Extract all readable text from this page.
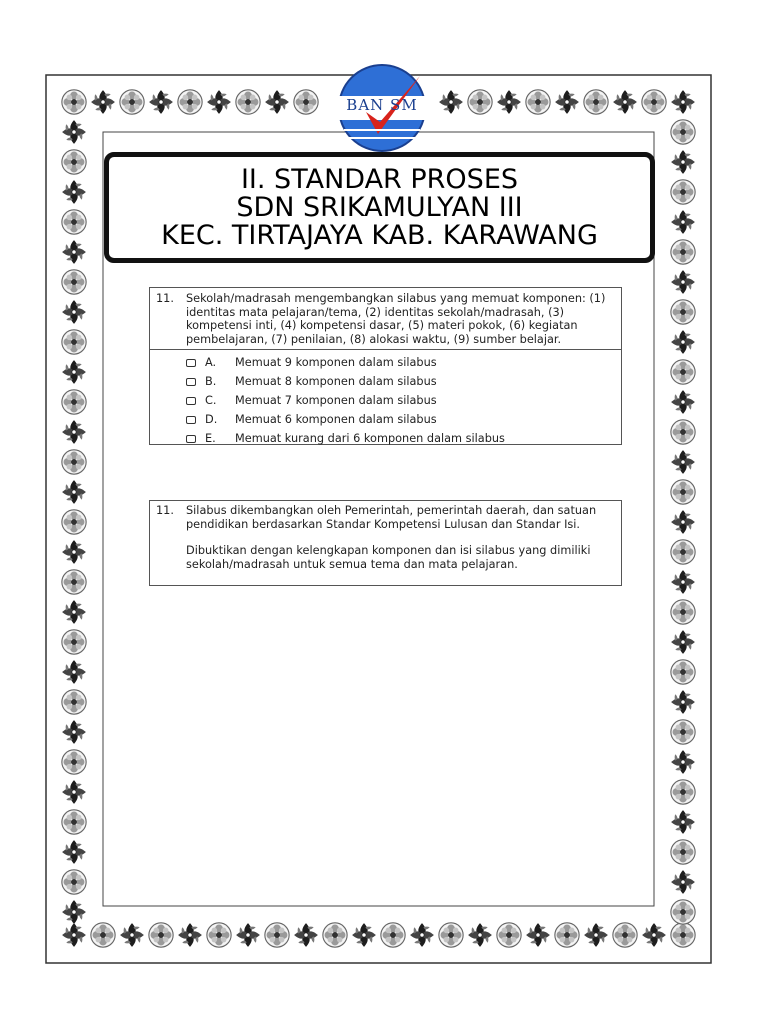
BAN SM
II. STANDAR PROSES
SDN SRIKAMULYAN III
KEC. TIRTAJAYA KAB. KARAWANG
11.	Sekolah/madrasah mengembangkan silabus yang memuat komponen: (1) identitas mata pelajaran/tema, (2) identitas sekolah/madrasah, (3) kompetensi inti, (4) kompetensi dasar, (5) materi pokok, (6) kegiatan pembelajaran, (7) penilaian, (8) alokasi waktu, (9) sumber belajar.
A.	Memuat 9 komponen dalam silabus
B.	Memuat 8 komponen dalam silabus
C.	Memuat 7 komponen dalam silabus
D.	Memuat 6 komponen dalam silabus
E.	Memuat kurang dari 6 komponen dalam silabus
11.	Silabus dikembangkan oleh Pemerintah, pemerintah daerah, dan satuan pendidikan berdasarkan Standar Kompetensi Lulusan dan Standar Isi.

Dibuktikan dengan kelengkapan komponen dan isi silabus yang dimiliki sekolah/madrasah untuk semua tema dan mata pelajaran.
